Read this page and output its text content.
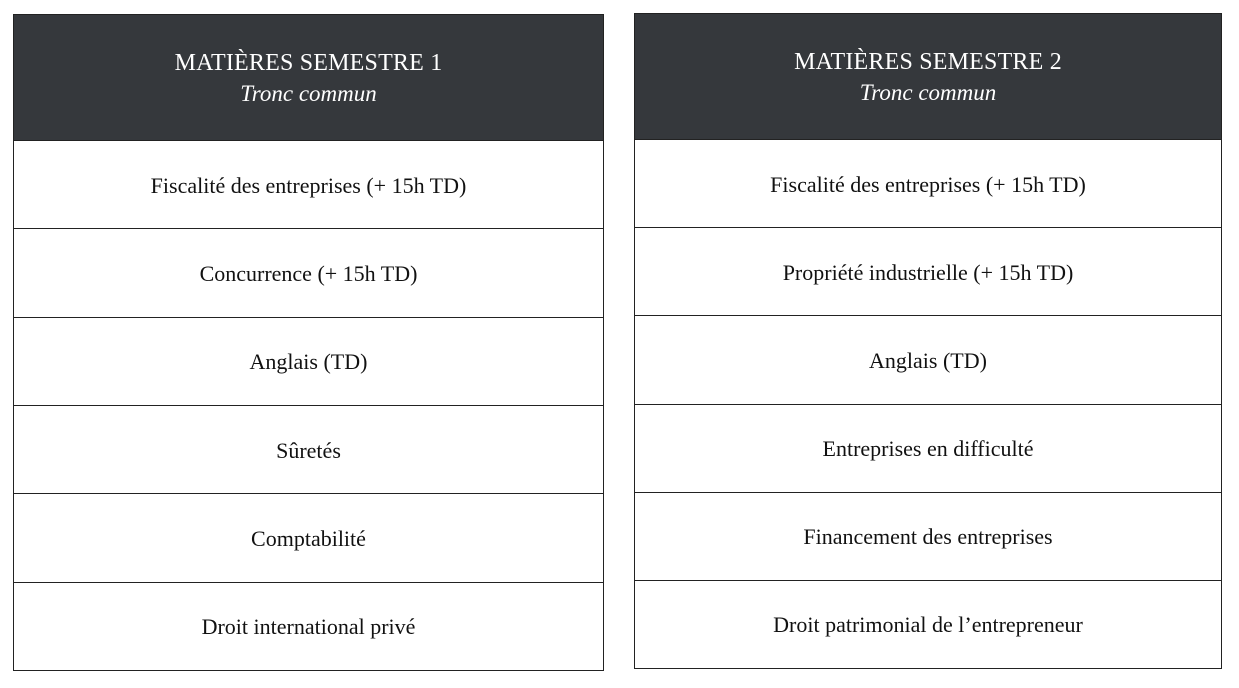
MATIÈRES SEMESTRE 1
Tronc commun
Fiscalité des entreprises (+ 15h TD)
Concurrence (+ 15h TD)
Anglais (TD)
Sûretés
Comptabilité
Droit international privé
MATIÈRES SEMESTRE 2
Tronc commun
Fiscalité des entreprises (+ 15h TD)
Propriété industrielle (+ 15h TD)
Anglais (TD)
Entreprises en difficulté
Financement des entreprises
Droit patrimonial de l’entrepreneur
